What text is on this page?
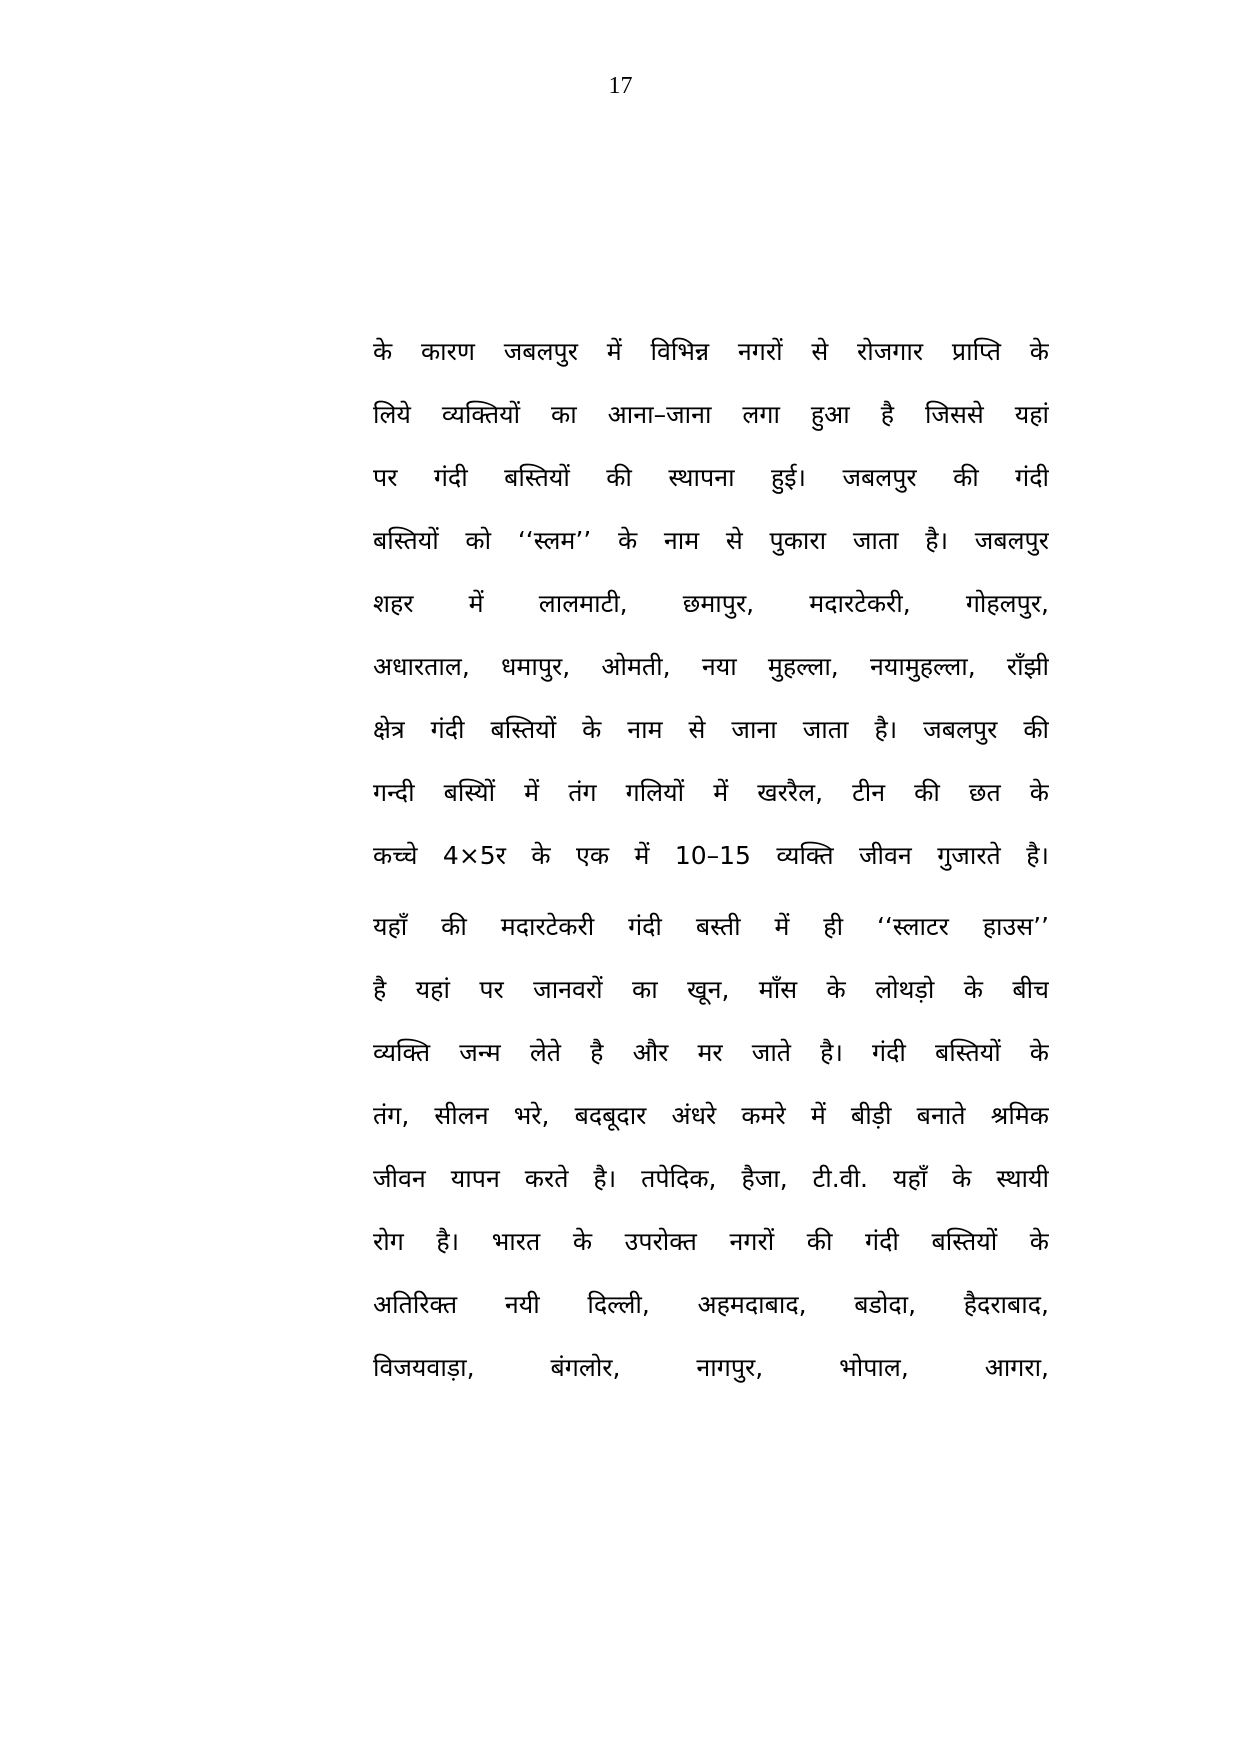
17
के कारण जबलपुर में विभिन्न नगरों से रोजगार प्राप्ति के
लिये व्यक्तियों का आना–जाना लगा हुआ है जिससे यहां
पर गंदी बस्तियों की स्थापना हुई। जबलपुर की गंदी
बस्तियों को ‘‘स्लम’’ के नाम से पुकारा जाता है। जबलपुर
शहर में लालमाटी, छमापुर, मदारटेकरी, गोहलपुर,
अधारताल, धमापुर, ओमती, नया मुहल्ला, नयामुहल्ला, राँझी
क्षेत्र गंदी बस्तियों के नाम से जाना जाता है। जबलपुर की
गन्दी बस्यिों में तंग गलियों में खररैल, टीन की छत के
कच्चे 4×5र के एक में 10–15 व्यक्ति जीवन गुजारते है।
यहाँ की मदारटेकरी गंदी बस्ती में ही ‘‘स्लाटर हाउस’’
है यहां पर जानवरों का खून, माँस के लोथड़ो के बीच
व्यक्ति जन्म लेते है और मर जाते है। गंदी बस्तियों के
तंग, सीलन भरे, बदबूदार अंधरे कमरे में बीड़ी बनाते श्रमिक
जीवन यापन करते है। तपेदिक, हैजा, टी.वी. यहाँ के स्थायी
रोग है। भारत के उपरोक्त नगरों की गंदी बस्तियों के
अतिरिक्त नयी दिल्ली, अहमदाबाद, बडोदा, हैदराबाद,
विजयवाड़ा, बंगलोर, नागपुर, भोपाल, आगरा,
